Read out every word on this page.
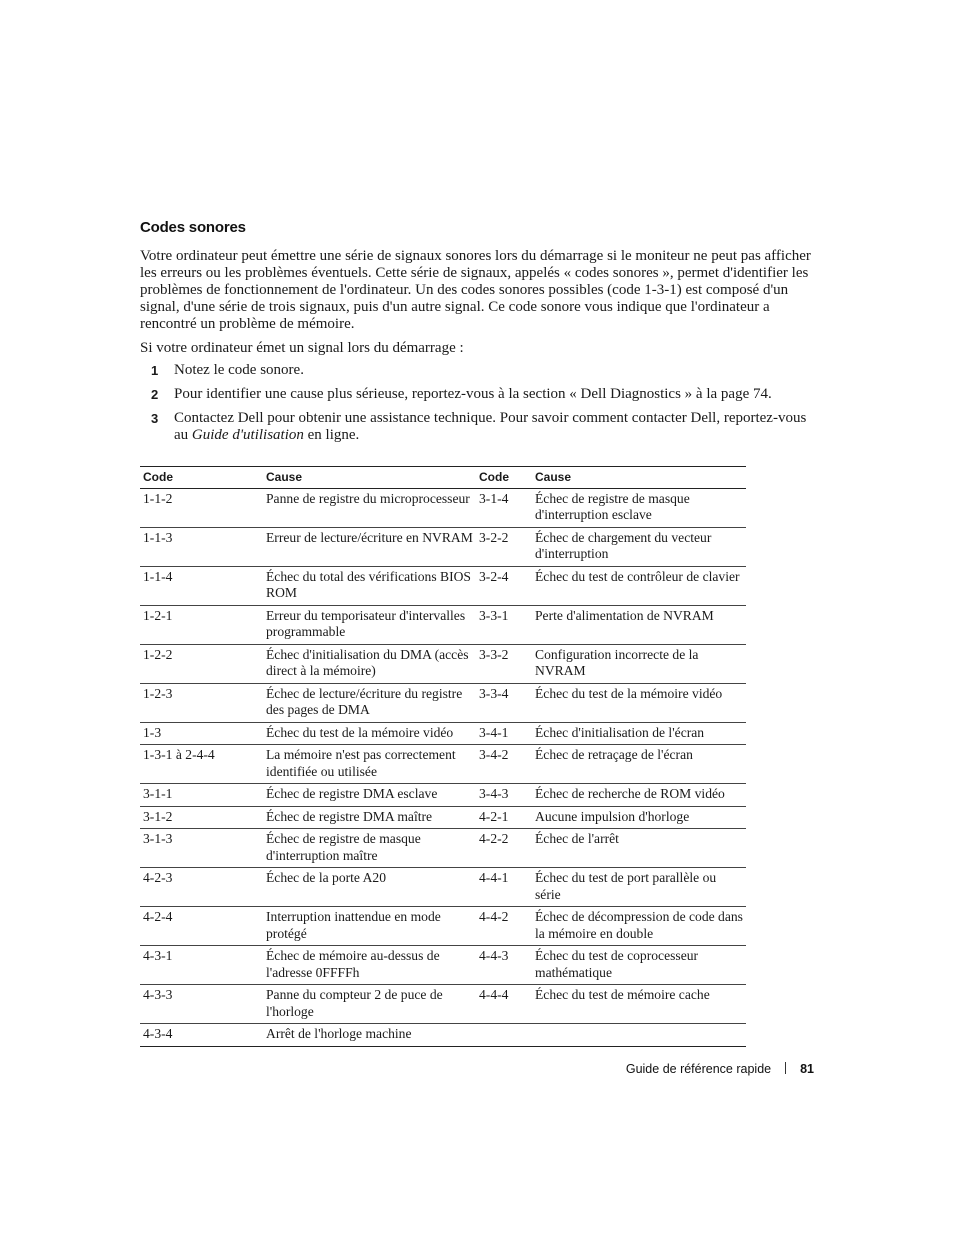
Codes sonores
Votre ordinateur peut émettre une série de signaux sonores lors du démarrage si le moniteur ne peut pas afficher les erreurs ou les problèmes éventuels. Cette série de signaux, appelés « codes sonores », permet d'identifier les problèmes de fonctionnement de l'ordinateur. Un des codes sonores possibles (code 1-3-1) est composé d'un signal, d'une série de trois signaux, puis d'un autre signal. Ce code sonore vous indique que l'ordinateur a rencontré un problème de mémoire.
Si votre ordinateur émet un signal lors du démarrage :
1 Notez le code sonore.
2 Pour identifier une cause plus sérieuse, reportez-vous à la section « Dell Diagnostics » à la page 74.
3 Contactez Dell pour obtenir une assistance technique. Pour savoir comment contacter Dell, reportez-vous au Guide d'utilisation en ligne.
Code	Cause	Code	Cause
1-1-2	Panne de registre du microprocesseur	3-1-4	Échec de registre de masque d'interruption esclave
1-1-3	Erreur de lecture/écriture en NVRAM	3-2-2	Échec de chargement du vecteur d'interruption
1-1-4	Échec du total des vérifications BIOS ROM	3-2-4	Échec du test de contrôleur de clavier
1-2-1	Erreur du temporisateur d'intervalles programmable	3-3-1	Perte d'alimentation de NVRAM
1-2-2	Échec d'initialisation du DMA (accès direct à la mémoire)	3-3-2	Configuration incorrecte de la NVRAM
1-2-3	Échec de lecture/écriture du registre des pages de DMA	3-3-4	Échec du test de la mémoire vidéo
1-3	Échec du test de la mémoire vidéo	3-4-1	Échec d'initialisation de l'écran
1-3-1 à 2-4-4	La mémoire n'est pas correctement identifiée ou utilisée	3-4-2	Échec de retraçage de l'écran
3-1-1	Échec de registre DMA esclave	3-4-3	Échec de recherche de ROM vidéo
3-1-2	Échec de registre DMA maître	4-2-1	Aucune impulsion d'horloge
3-1-3	Échec de registre de masque d'interruption maître	4-2-2	Échec de l'arrêt
4-2-3	Échec de la porte A20	4-4-1	Échec du test de port parallèle ou série
4-2-4	Interruption inattendue en mode protégé	4-4-2	Échec de décompression de code dans la mémoire en double
4-3-1	Échec de mémoire au-dessus de l'adresse 0FFFFh	4-4-3	Échec du test de coprocesseur mathématique
4-3-3	Panne du compteur 2 de puce de l'horloge	4-4-4	Échec du test de mémoire cache
4-3-4	Arrêt de l'horloge machine		
Guide de référence rapide 81
